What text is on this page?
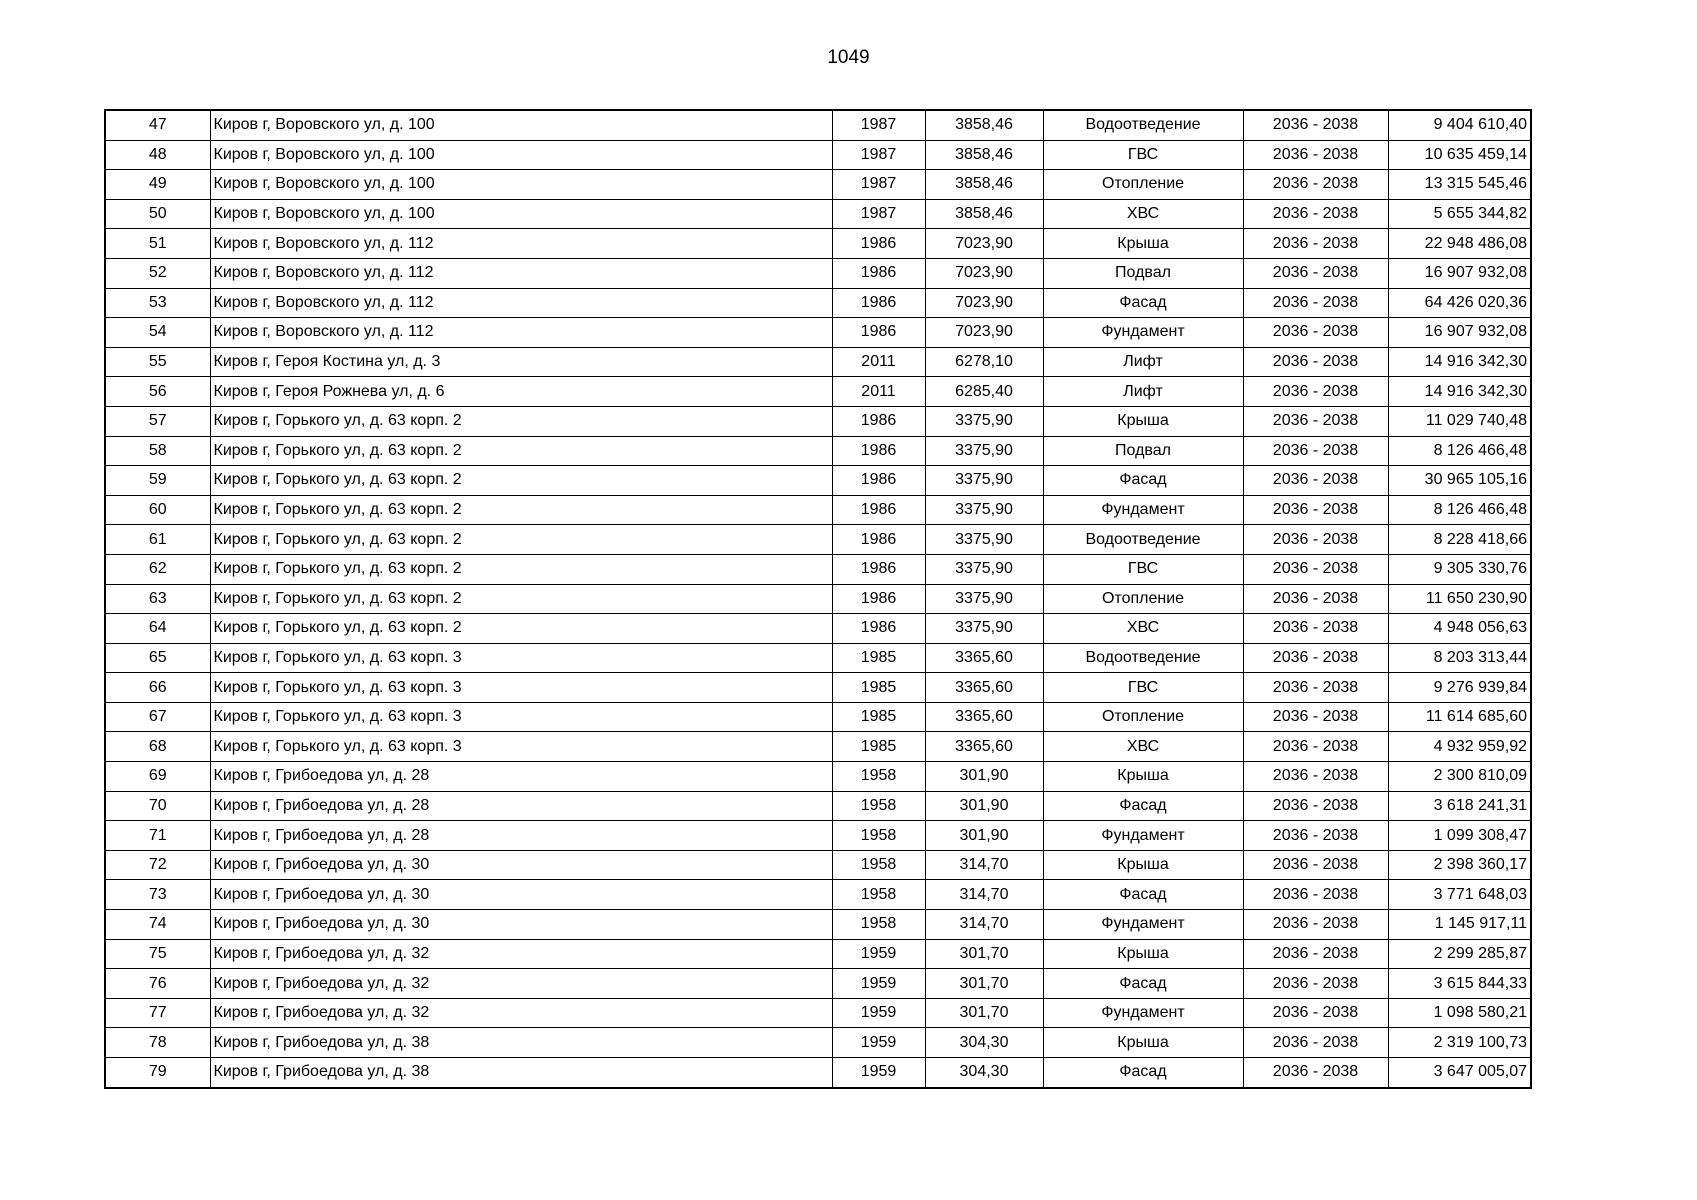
1049
47	Киров г, Воровского ул, д. 100	1987	3858,46	Водоотведение	2036 - 2038	9 404 610,40
48	Киров г, Воровского ул, д. 100	1987	3858,46	ГВС	2036 - 2038	10 635 459,14
49	Киров г, Воровского ул, д. 100	1987	3858,46	Отопление	2036 - 2038	13 315 545,46
50	Киров г, Воровского ул, д. 100	1987	3858,46	ХВС	2036 - 2038	5 655 344,82
51	Киров г, Воровского ул, д. 112	1986	7023,90	Крыша	2036 - 2038	22 948 486,08
52	Киров г, Воровского ул, д. 112	1986	7023,90	Подвал	2036 - 2038	16 907 932,08
53	Киров г, Воровского ул, д. 112	1986	7023,90	Фасад	2036 - 2038	64 426 020,36
54	Киров г, Воровского ул, д. 112	1986	7023,90	Фундамент	2036 - 2038	16 907 932,08
55	Киров г, Героя Костина ул, д. 3	2011	6278,10	Лифт	2036 - 2038	14 916 342,30
56	Киров г, Героя Рожнева ул, д. 6	2011	6285,40	Лифт	2036 - 2038	14 916 342,30
57	Киров г, Горького ул, д. 63 корп. 2	1986	3375,90	Крыша	2036 - 2038	11 029 740,48
58	Киров г, Горького ул, д. 63 корп. 2	1986	3375,90	Подвал	2036 - 2038	8 126 466,48
59	Киров г, Горького ул, д. 63 корп. 2	1986	3375,90	Фасад	2036 - 2038	30 965 105,16
60	Киров г, Горького ул, д. 63 корп. 2	1986	3375,90	Фундамент	2036 - 2038	8 126 466,48
61	Киров г, Горького ул, д. 63 корп. 2	1986	3375,90	Водоотведение	2036 - 2038	8 228 418,66
62	Киров г, Горького ул, д. 63 корп. 2	1986	3375,90	ГВС	2036 - 2038	9 305 330,76
63	Киров г, Горького ул, д. 63 корп. 2	1986	3375,90	Отопление	2036 - 2038	11 650 230,90
64	Киров г, Горького ул, д. 63 корп. 2	1986	3375,90	ХВС	2036 - 2038	4 948 056,63
65	Киров г, Горького ул, д. 63 корп. 3	1985	3365,60	Водоотведение	2036 - 2038	8 203 313,44
66	Киров г, Горького ул, д. 63 корп. 3	1985	3365,60	ГВС	2036 - 2038	9 276 939,84
67	Киров г, Горького ул, д. 63 корп. 3	1985	3365,60	Отопление	2036 - 2038	11 614 685,60
68	Киров г, Горького ул, д. 63 корп. 3	1985	3365,60	ХВС	2036 - 2038	4 932 959,92
69	Киров г, Грибоедова ул, д. 28	1958	301,90	Крыша	2036 - 2038	2 300 810,09
70	Киров г, Грибоедова ул, д. 28	1958	301,90	Фасад	2036 - 2038	3 618 241,31
71	Киров г, Грибоедова ул, д. 28	1958	301,90	Фундамент	2036 - 2038	1 099 308,47
72	Киров г, Грибоедова ул, д. 30	1958	314,70	Крыша	2036 - 2038	2 398 360,17
73	Киров г, Грибоедова ул, д. 30	1958	314,70	Фасад	2036 - 2038	3 771 648,03
74	Киров г, Грибоедова ул, д. 30	1958	314,70	Фундамент	2036 - 2038	1 145 917,11
75	Киров г, Грибоедова ул, д. 32	1959	301,70	Крыша	2036 - 2038	2 299 285,87
76	Киров г, Грибоедова ул, д. 32	1959	301,70	Фасад	2036 - 2038	3 615 844,33
77	Киров г, Грибоедова ул, д. 32	1959	301,70	Фундамент	2036 - 2038	1 098 580,21
78	Киров г, Грибоедова ул, д. 38	1959	304,30	Крыша	2036 - 2038	2 319 100,73
79	Киров г, Грибоедова ул, д. 38	1959	304,30	Фасад	2036 - 2038	3 647 005,07
